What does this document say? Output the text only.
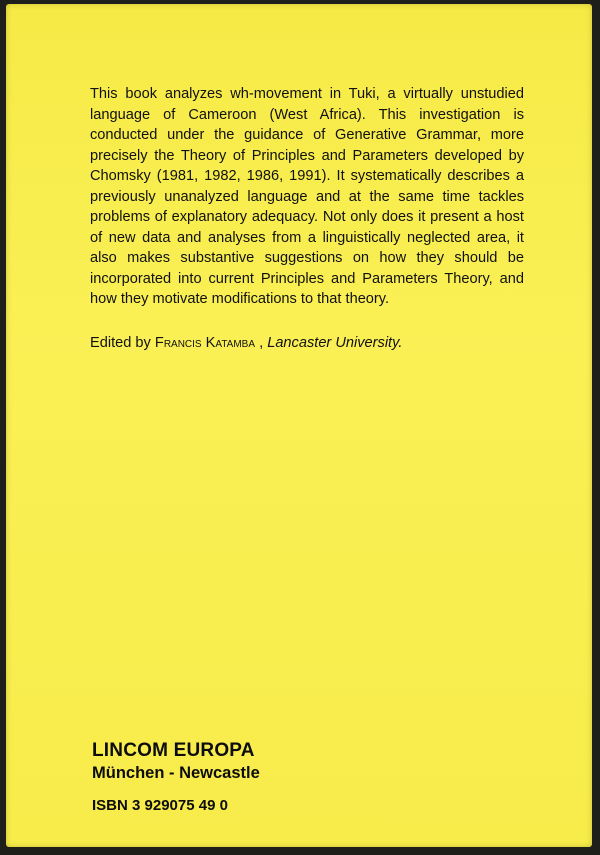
This book analyzes wh-movement in Tuki, a virtually unstudied language of Cameroon (West Africa). This investigation is conducted under the guidance of Generative Grammar, more precisely the Theory of Principles and Parameters developed by Chomsky (1981, 1982, 1986, 1991). It systematically describes a previously unanalyzed language and at the same time tackles problems of explanatory adequacy. Not only does it present a host of new data and analyses from a linguistically neglected area, it also makes substantive suggestions on how they should be incorporated into current Principles and Parameters Theory, and how they motivate modifications to that theory.

Edited by Francis Katamba , Lancaster University.
LINCOM EUROPA
München - Newcastle
ISBN 3 929075 49 0
